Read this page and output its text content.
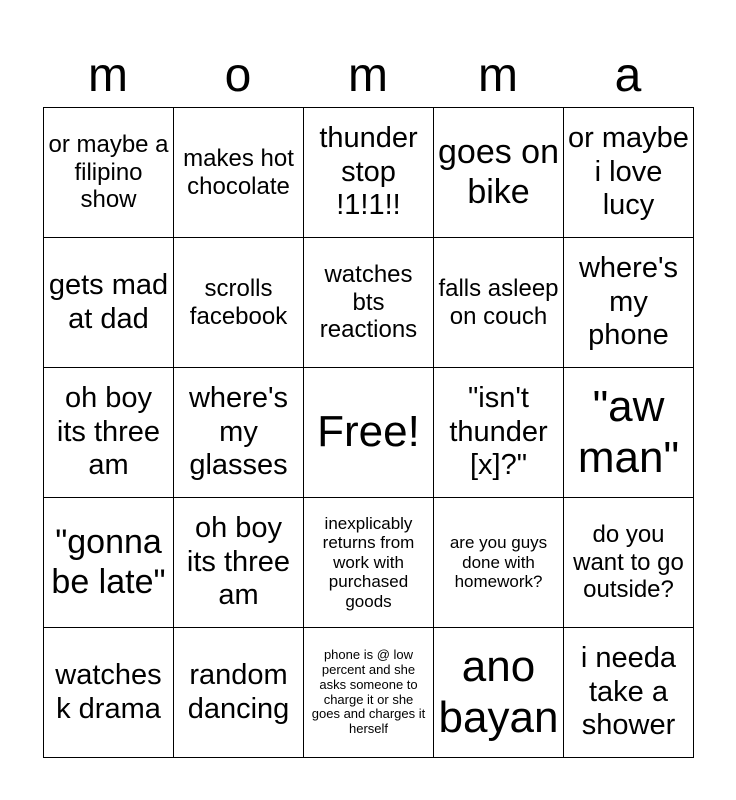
m	o	m	m	a
or maybe a filipino show	makes hot chocolate	thunder stop !1!1!!	goes on bike	or maybe i love lucy
gets mad at dad	scrolls facebook	watches bts reactions	falls asleep on couch	where's my phone
oh boy its three am	where's my glasses	Free!	"isn't thunder [x]?"	"aw man"
"gonna be late"	oh boy its three am	inexplicably returns from work with purchased goods	are you guys done with homework?	do you want to go outside?
watches k drama	random dancing	phone is @ low percent and she asks someone to charge it or she goes and charges it herself	ano bayan	i needa take a shower
